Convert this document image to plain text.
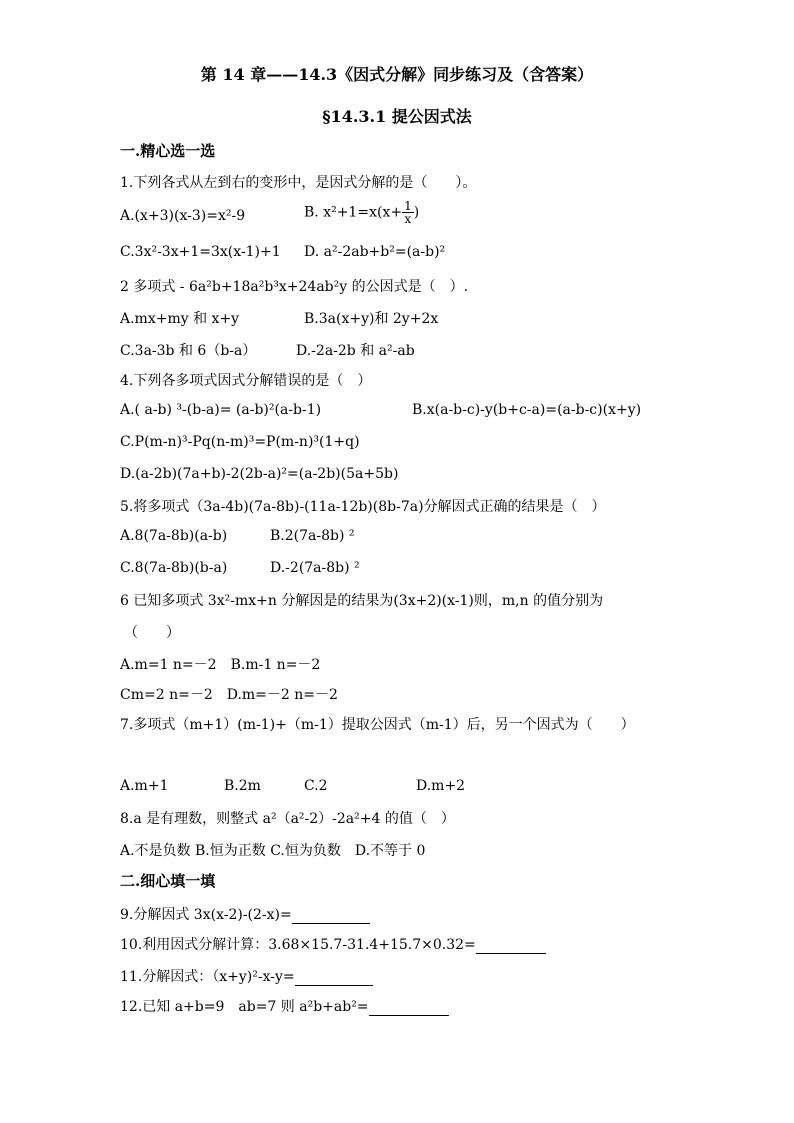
第 14 章——14.3《因式分解》同步练习及（含答案）
§14.3.1 提公因式法
一.精心选一选
1.下列各式从左到右的变形中，是因式分解的是（　　）。
A.(x+3)(x-3)=x²-9	B. $x^2+1=x(x+ \frac{1}{x}$ )
C.3x²-3x+1=3x(x-1)+1 D. a²-2ab+b²=(a-b)²
2 多项式 - 6a²b+18a²b³x+24ab²y 的公因式是（　）.
A.mx+my 和 x+y	B.3a(x+y)和 2y+2x
C.3a-3b 和 6（b-a）	D.-2a-2b 和 a²-ab
4.下列各多项式因式分解错误的是（　）
A.( a-b) ³-(b-a)= (a-b)²(a-b-1)	B.x(a-b-c)-y(b+c-a)=(a-b-c)(x+y)
C.P(m-n)³-Pq(n-m)³=P(m-n)³(1+q)
D.(a-2b)(7a+b)-2(2b-a)²=(a-2b)(5a+5b)
5.将多项式（3a-4b)(7a-8b)-(11a-12b)(8b-7a)分解因式正确的结果是（　）
A.8(7a-8b)(a-b)	B.2(7a-8b) ²
C.8(7a-8b)(b-a)	D.-2(7a-8b) ²
6 已知多项式 3x²-mx+n 分解因是的结果为(3x+2)(x-1)则，m,n 的值分别为
（　　）
A.m=1 n=－2　B.m-1 n=－2
Cm=2 n=－2　D.m=－2 n=－2
7.多项式（m+1）(m-1)+（m-1）提取公因式（m-1）后，另一个因式为（　　）
A.m+1	B.2m	C.2	D.m+2
8.a 是有理数，则整式 a²（a²-2）-2a²+4 的值（　）
A.不是负数 B.恒为正数 C.恒为负数　D.不等于 0
二.细心填一填
9.分解因式 3x(x-2)-(2-x)=
10.利用因式分解计算：3.68×15.7-31.4+15.7×0.32=
11.分解因式：（x+y)²-x-y=
12.已知 a+b=9　ab=7 则 a²b+ab²=
